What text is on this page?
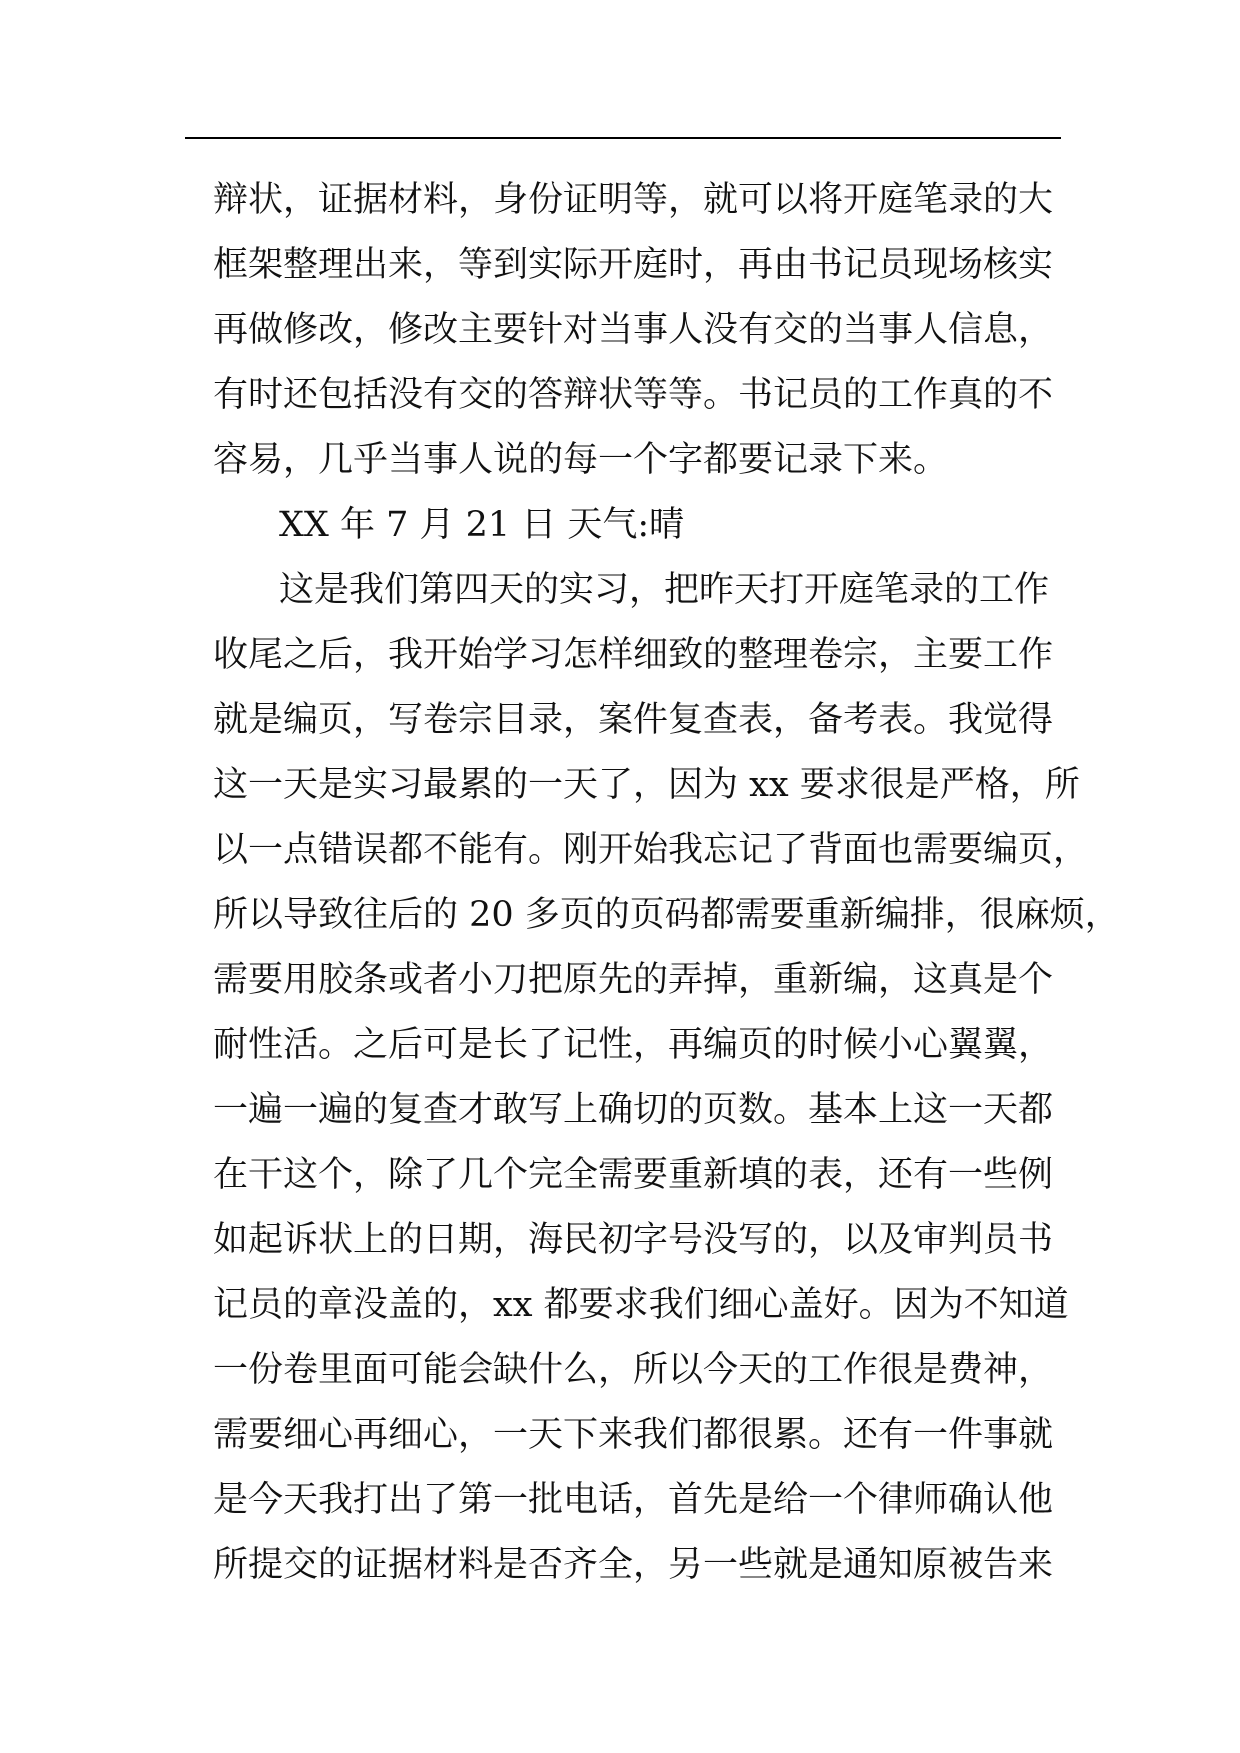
辩状，证据材料，身份证明等，就可以将开庭笔录的大
框架整理出来，等到实际开庭时，再由书记员现场核实
再做修改，修改主要针对当事人没有交的当事人信息，
有时还包括没有交的答辩状等等。书记员的工作真的不
容易，几乎当事人说的每一个字都要记录下来。
XX 年 7 月 21 日 天气:晴
这是我们第四天的实习，把昨天打开庭笔录的工作
收尾之后，我开始学习怎样细致的整理卷宗，主要工作
就是编页，写卷宗目录，案件复查表，备考表。我觉得
这一天是实习最累的一天了，因为 xx 要求很是严格，所
以一点错误都不能有。刚开始我忘记了背面也需要编页，
所以导致往后的 20 多页的页码都需要重新编排，很麻烦，
需要用胶条或者小刀把原先的弄掉，重新编，这真是个
耐性活。之后可是长了记性，再编页的时候小心翼翼，
一遍一遍的复查才敢写上确切的页数。基本上这一天都
在干这个，除了几个完全需要重新填的表，还有一些例
如起诉状上的日期，海民初字号没写的，以及审判员书
记员的章没盖的，xx 都要求我们细心盖好。因为不知道
一份卷里面可能会缺什么，所以今天的工作很是费神，
需要细心再细心，一天下来我们都很累。还有一件事就
是今天我打出了第一批电话，首先是给一个律师确认他
所提交的证据材料是否齐全，另一些就是通知原被告来
